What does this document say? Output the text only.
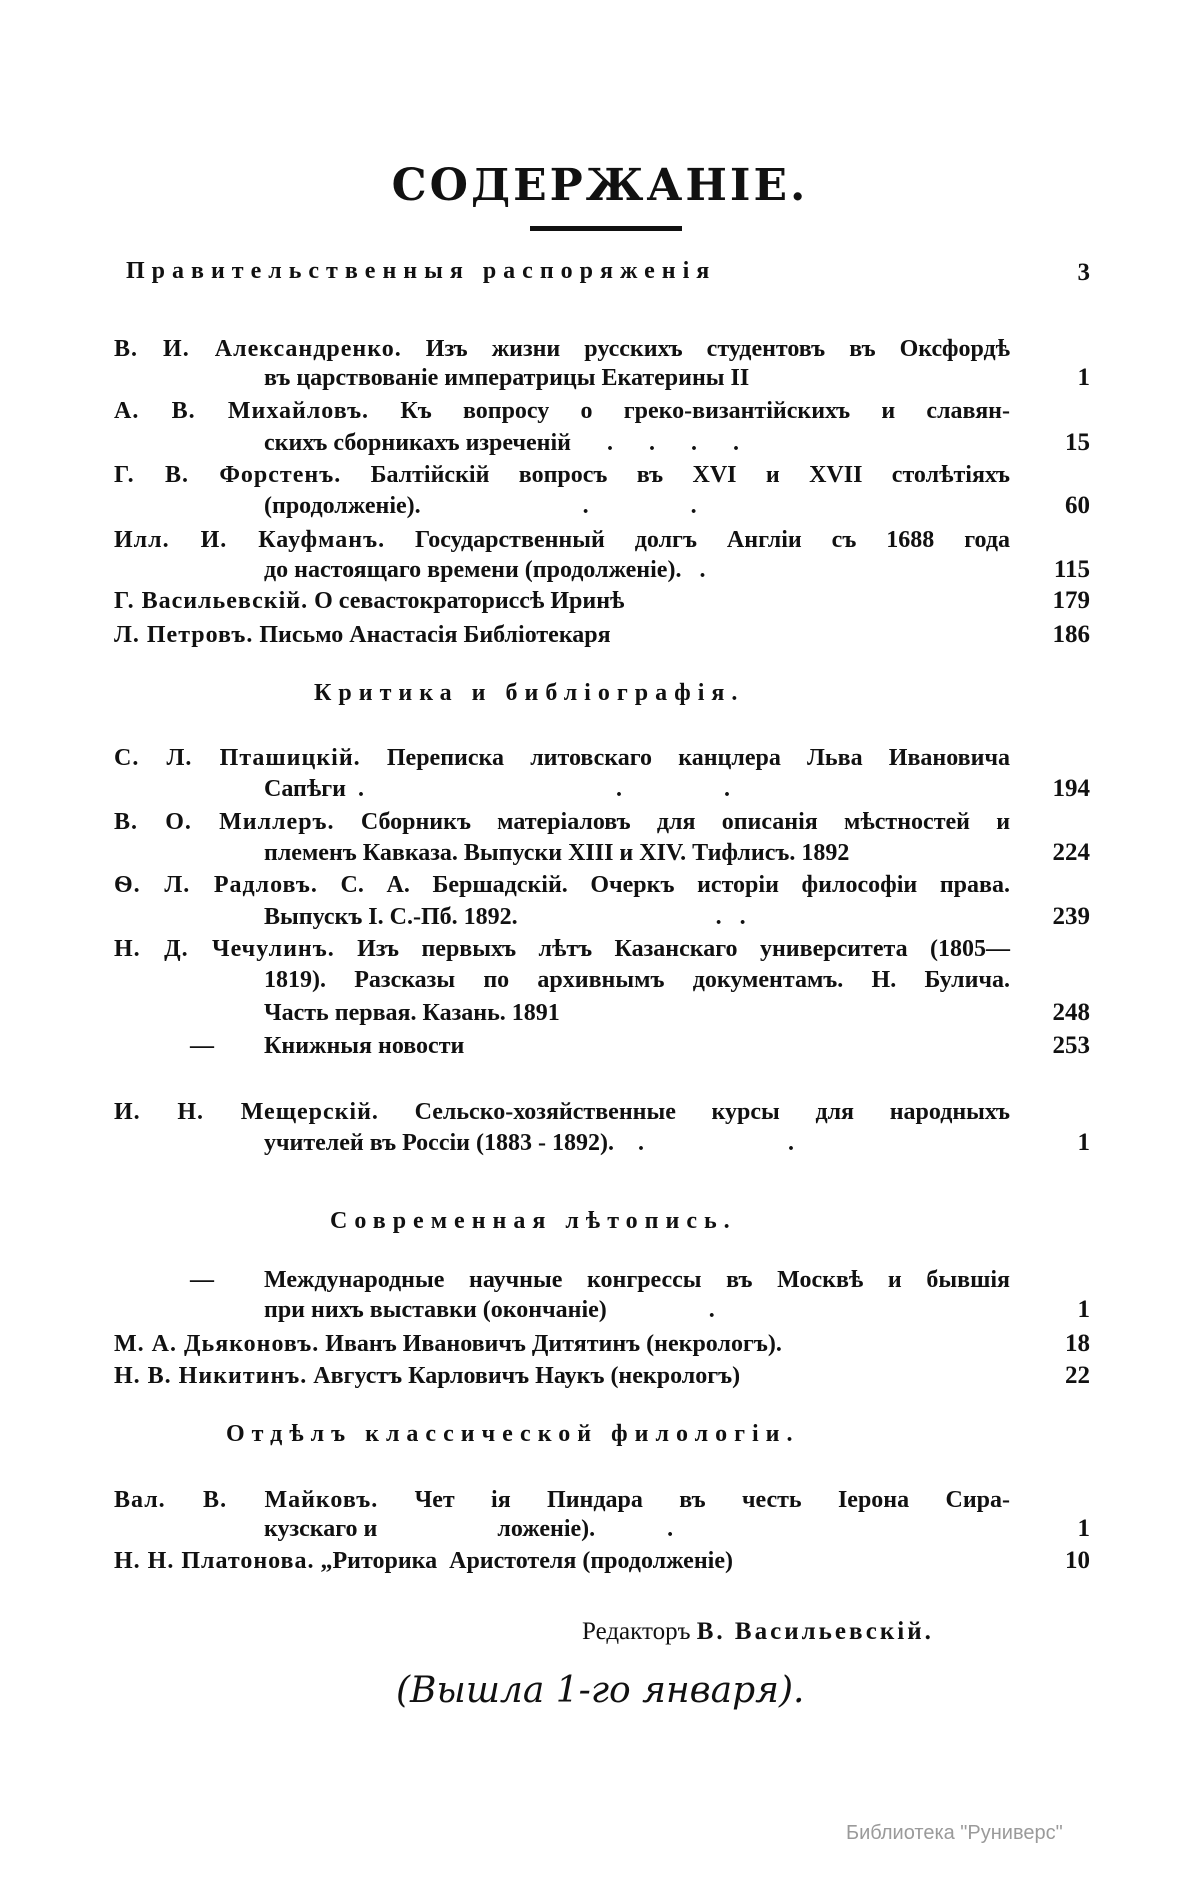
СОДЕРЖАНІЕ.
Правительственныя распоряженія	3
В. И. Александренко. Изъ жизни русскихъ студентовъ въ Оксфордѣ
въ царствованіе императрицы Екатерины II	1
А. В. Михайловъ. Къ вопросу о греко-византійскихъ и славян-
скихъ сборникахъ изреченій      .      .      .      .	15
Г. В. Форстенъ. Балтійскій вопросъ въ XVI и XVII столѣтіяхъ
(продолженіе).                           .                 .	60
Илл. И. Кауфманъ. Государственный долгъ Англіи съ 1688 года
до настоящаго времени (продолженіе).   .	115
Г. Васильевскій. О севастократориссѣ Иринѣ	179
Л. Петровъ. Письмо Анастасія Библіотекаря	186
Критика и библіографія.
С. Л. Пташицкій. Переписка литовскаго канцлера Льва Ивановича
Сапѣги  .                                          .                 .	194
В. О. Миллеръ. Сборникъ матеріаловъ для описанія мѣстностей и
племенъ Кавказа. Выпуски XIII и XIV. Тифлисъ. 1892	224
Ѳ. Л. Радловъ. С. А. Бершадскій. Очеркъ исторіи философіи права.
Выпускъ I. С.-Пб. 1892.                                 .   .	239
Н. Д. Чечулинъ. Изъ первыхъ лѣтъ Казанскаго университета (1805—
1819). Разсказы по архивнымъ документамъ. Н. Булича.
Часть первая. Казань. 1891	248
— Книжныя новости	253
И. Н. Мещерскій. Сельско-хозяйственные курсы для народныхъ
учителей въ Россіи (1883 - 1892).    .                        .	1
Современная лѣтопись.
— Международные научные конгрессы въ Москвѣ и бывшія
при нихъ выставки (окончаніе)                 .	1
М. А. Дьяконовъ. Иванъ Ивановичъ Дитятинъ (некрологъ).	18
Н. В. Никитинъ. Августъ Карловичъ Наукъ (некрологъ)	22
Отдѣлъ классической филологіи.
Вал. В. Майковъ. Чет ія Пиндара въ честь Іерона Сира-
кузскаго и                    ложеніе).            .	1
Н. Н. Платонова. „Риторика  Аристотеля (продолженіе)	10
Редакторъ В. Васильевскій.
(Вышла 1-го января).
Библиотека "Руниверс"
